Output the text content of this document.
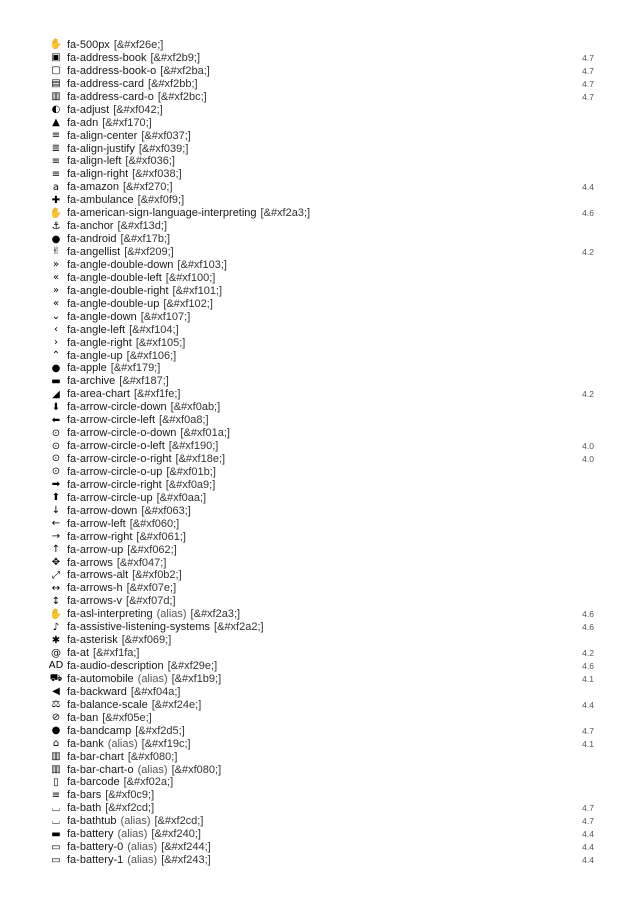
✋ fa-500px [&#xf26e;]
▣ fa-address-book [&#xf2b9;]	4.7
▢ fa-address-book-o [&#xf2ba;]	4.7
▤ fa-address-card [&#xf2bb;]	4.7
▥ fa-address-card-o [&#xf2bc;]	4.7
◐ fa-adjust [&#xf042;]
▲ fa-adn [&#xf170;]
≡ fa-align-center [&#xf037;]
≣ fa-align-justify [&#xf039;]
≡ fa-align-left [&#xf036;]
≡ fa-align-right [&#xf038;]
a fa-amazon [&#xf270;]	4.4
✚ fa-ambulance [&#xf0f9;]
✋ fa-american-sign-language-interpreting [&#xf2a3;]	4.6
⚓ fa-anchor [&#xf13d;]
● fa-android [&#xf17b;]
✌ fa-angellist [&#xf209;]	4.2
» fa-angle-double-down [&#xf103;]
« fa-angle-double-left [&#xf100;]
» fa-angle-double-right [&#xf101;]
« fa-angle-double-up [&#xf102;]
⌄ fa-angle-down [&#xf107;]
‹ fa-angle-left [&#xf104;]
› fa-angle-right [&#xf105;]
⌃ fa-angle-up [&#xf106;]
● fa-apple [&#xf179;]
▬ fa-archive [&#xf187;]
◢ fa-area-chart [&#xf1fe;]	4.2
⬇ fa-arrow-circle-down [&#xf0ab;]
⬅ fa-arrow-circle-left [&#xf0a8;]
⊙ fa-arrow-circle-o-down [&#xf01a;]
⊙ fa-arrow-circle-o-left [&#xf190;]	4.0
⊙ fa-arrow-circle-o-right [&#xf18e;]	4.0
⊙ fa-arrow-circle-o-up [&#xf01b;]
➡ fa-arrow-circle-right [&#xf0a9;]
⬆ fa-arrow-circle-up [&#xf0aa;]
↓ fa-arrow-down [&#xf063;]
← fa-arrow-left [&#xf060;]
→ fa-arrow-right [&#xf061;]
↑ fa-arrow-up [&#xf062;]
✥ fa-arrows [&#xf047;]
⤢ fa-arrows-alt [&#xf0b2;]
↔ fa-arrows-h [&#xf07e;]
↕ fa-arrows-v [&#xf07d;]
✋ fa-asl-interpreting (alias) [&#xf2a3;]	4.6
♪ fa-assistive-listening-systems [&#xf2a2;]	4.6
✱ fa-asterisk [&#xf069;]
@ fa-at [&#xf1fa;]	4.2
AD fa-audio-description [&#xf29e;]	4.6
⛟ fa-automobile (alias) [&#xf1b9;]	4.1
◀ fa-backward [&#xf04a;]
⚖ fa-balance-scale [&#xf24e;]	4.4
⊘ fa-ban [&#xf05e;]
● fa-bandcamp [&#xf2d5;]	4.7
⌂ fa-bank (alias) [&#xf19c;]	4.1
▥ fa-bar-chart [&#xf080;]
▥ fa-bar-chart-o (alias) [&#xf080;]
▯ fa-barcode [&#xf02a;]
≡ fa-bars [&#xf0c9;]
⌴ fa-bath [&#xf2cd;]	4.7
⌴ fa-bathtub (alias) [&#xf2cd;]	4.7
▬ fa-battery (alias) [&#xf240;]	4.4
▭ fa-battery-0 (alias) [&#xf244;]	4.4
▭ fa-battery-1 (alias) [&#xf243;]	4.4
